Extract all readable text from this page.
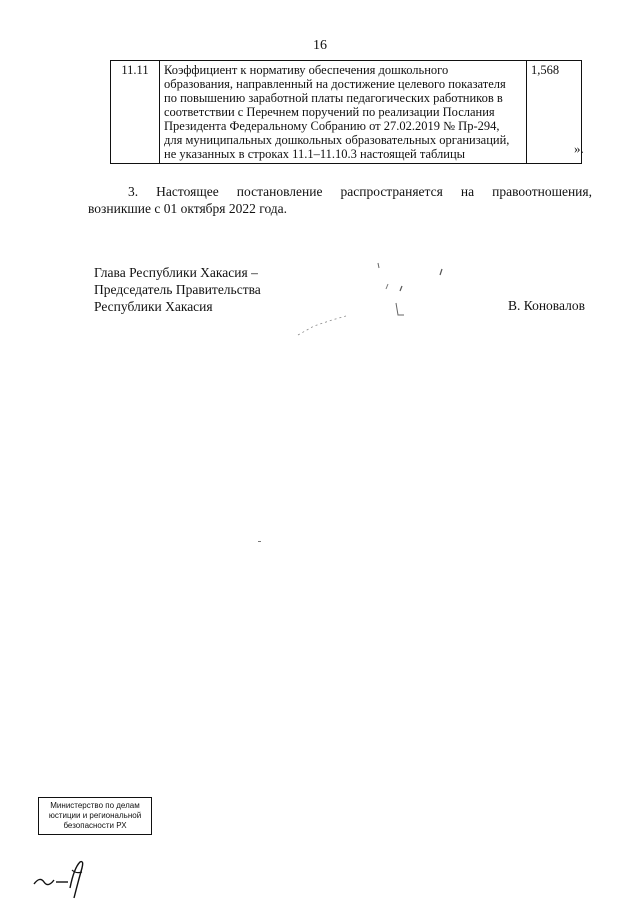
16
11.11	Коэффициент к нормативу обеспечения дошкольного
образования, направленный на достижение целевого показателя
по повышению заработной платы педагогических работников в
соответствии с Перечнем поручений по реализации Послания
Президента Федеральному Собранию от 27.02.2019 № Пр-294,
для муниципальных дошкольных образовательных организаций,
не указанных в строках 11.1–11.10.3 настоящей таблицы
	1,568
».
3. Настоящее постановление распространяется на правоотношения,
возникшие с 01 октября 2022 года.
Глава Республики Хакасия –
Председатель Правительства
Республики Хакасия	В. Коновалов
Министерство по делам
юстиции и региональной
безопасности РХ
